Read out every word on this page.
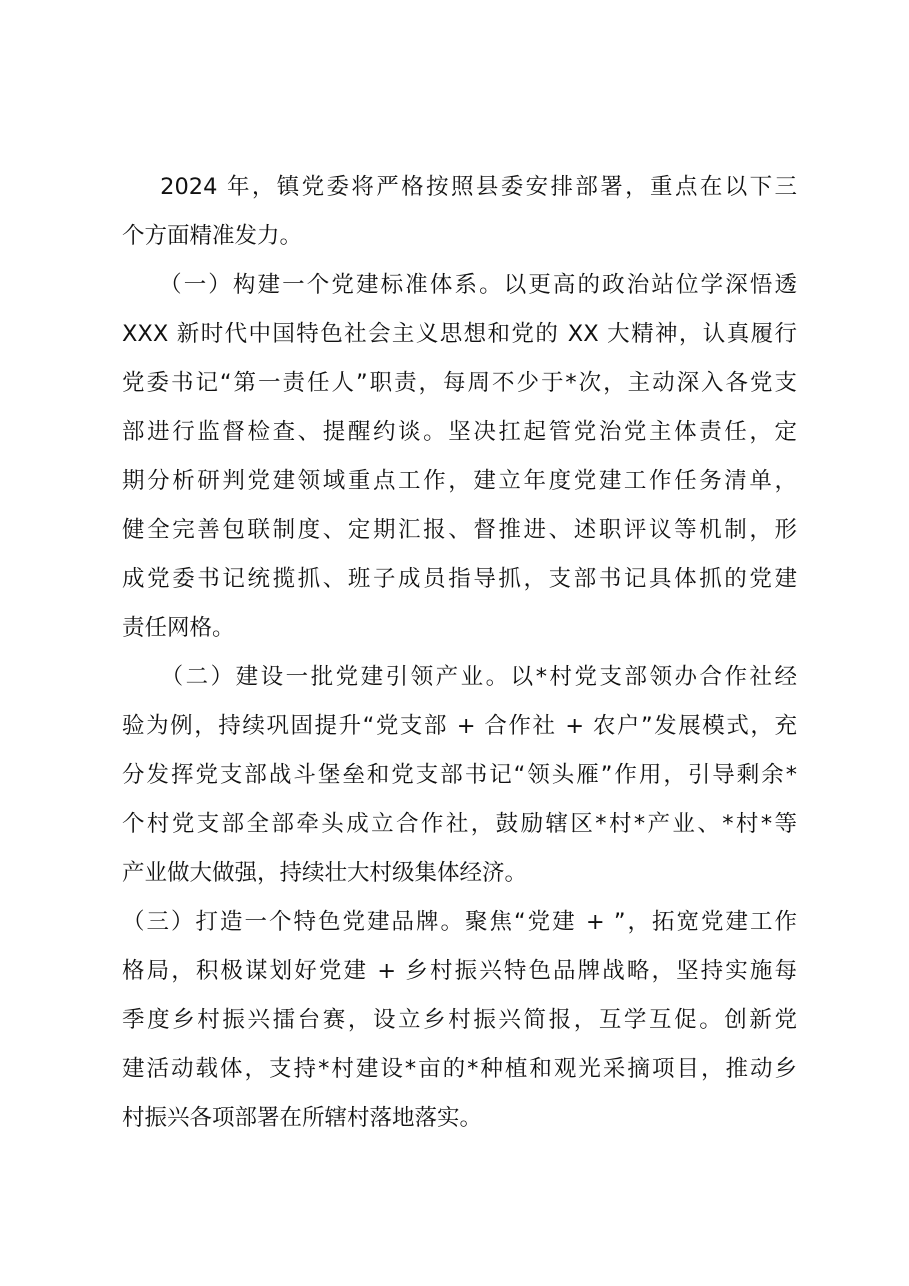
2024 年，镇党委将严格按照县委安排部署，重点在以下三
个方面精准发力。
（一）构建一个党建标准体系。以更高的政治站位学深悟透
XXX 新时代中国特色社会主义思想和党的 XX 大精神，认真履行
党委书记“第一责任人”职责，每周不少于*次，主动深入各党支
部进行监督检查、提醒约谈。坚决扛起管党治党主体责任，定
期分析研判党建领域重点工作，建立年度党建工作任务清单，
健全完善包联制度、定期汇报、督推进、述职评议等机制，形
成党委书记统揽抓、班子成员指导抓，支部书记具体抓的党建
责任网格。
（二）建设一批党建引领产业。以*村党支部领办合作社经
验为例，持续巩固提升“党支部 + 合作社 + 农户”发展模式，充
分发挥党支部战斗堡垒和党支部书记“领头雁”作用，引导剩余*
个村党支部全部牵头成立合作社，鼓励辖区*村*产业、*村*等
产业做大做强，持续壮大村级集体经济。
（三）打造一个特色党建品牌。聚焦“党建 + ”，拓宽党建工作
格局，积极谋划好党建 + 乡村振兴特色品牌战略，坚持实施每
季度乡村振兴擂台赛，设立乡村振兴简报，互学互促。创新党
建活动载体，支持*村建设*亩的*种植和观光采摘项目，推动乡
村振兴各项部署在所辖村落地落实。
